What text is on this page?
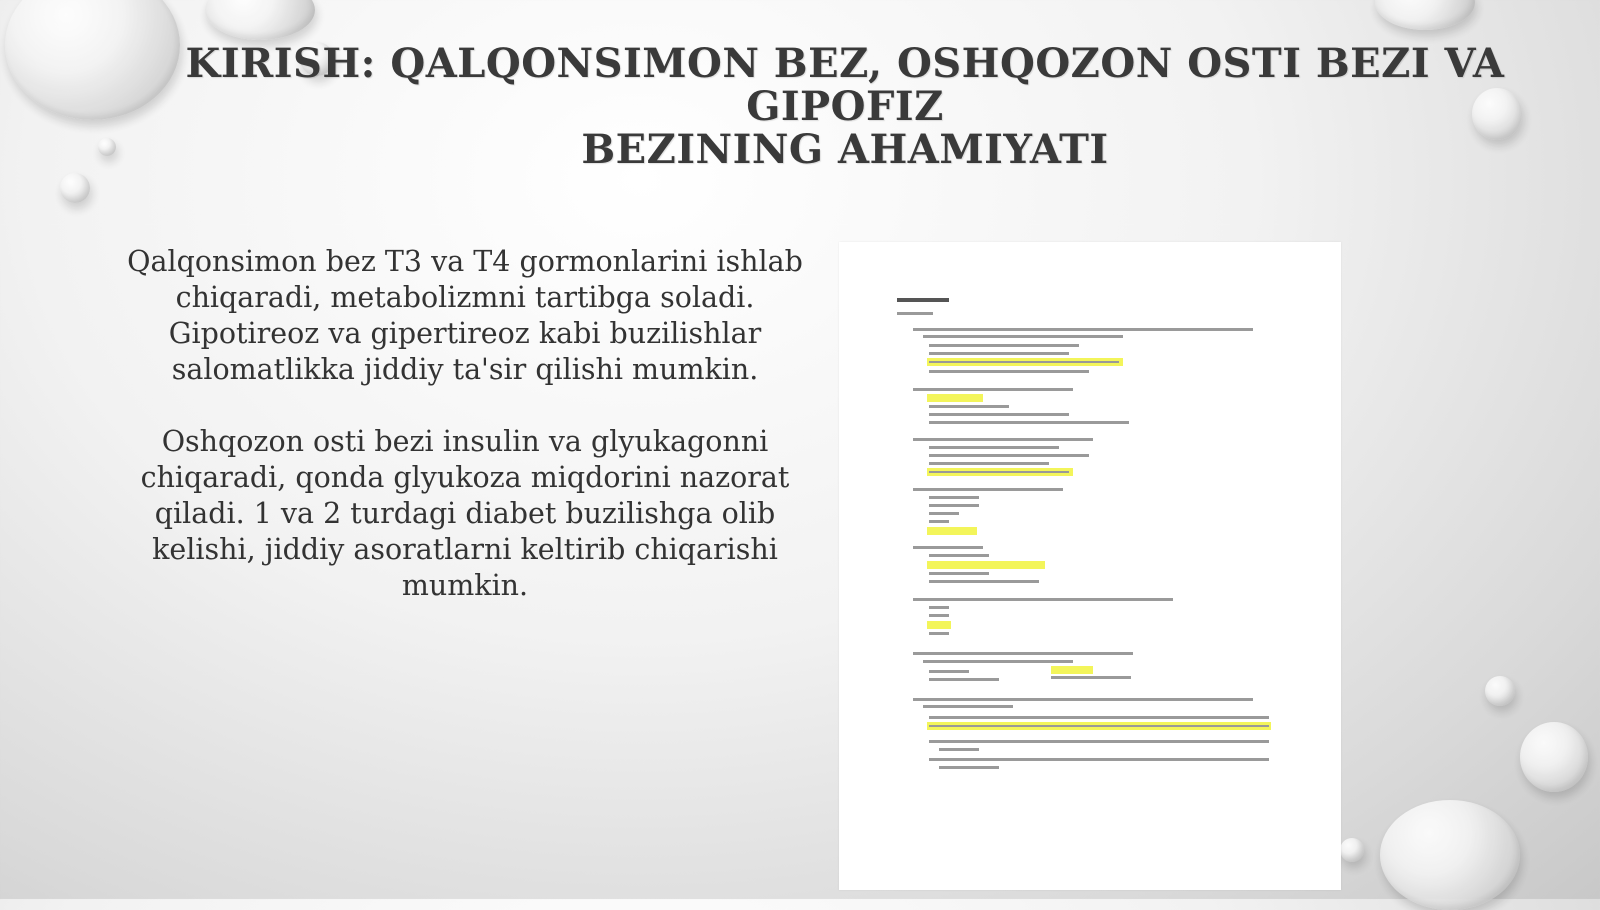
KIRISH: QALQONSIMON BEZ, OSHQOZON OSTI BEZI VA GIPOFIZ
BEZINING AHAMIYATI

Qalqonsimon bez T3 va T4 gormonlarini ishlab chiqaradi, metabolizmni tartibga soladi. Gipotireoz va gipertireoz kabi buzilishlar salomatlikka jiddiy ta'sir qilishi mumkin.

Oshqozon osti bezi insulin va glyukagonni chiqaradi, qonda glyukoza miqdorini nazorat qiladi. 1 va 2 turdagi diabet buzilishga olib kelishi, jiddiy asoratlarni keltirib chiqarishi mumkin.
